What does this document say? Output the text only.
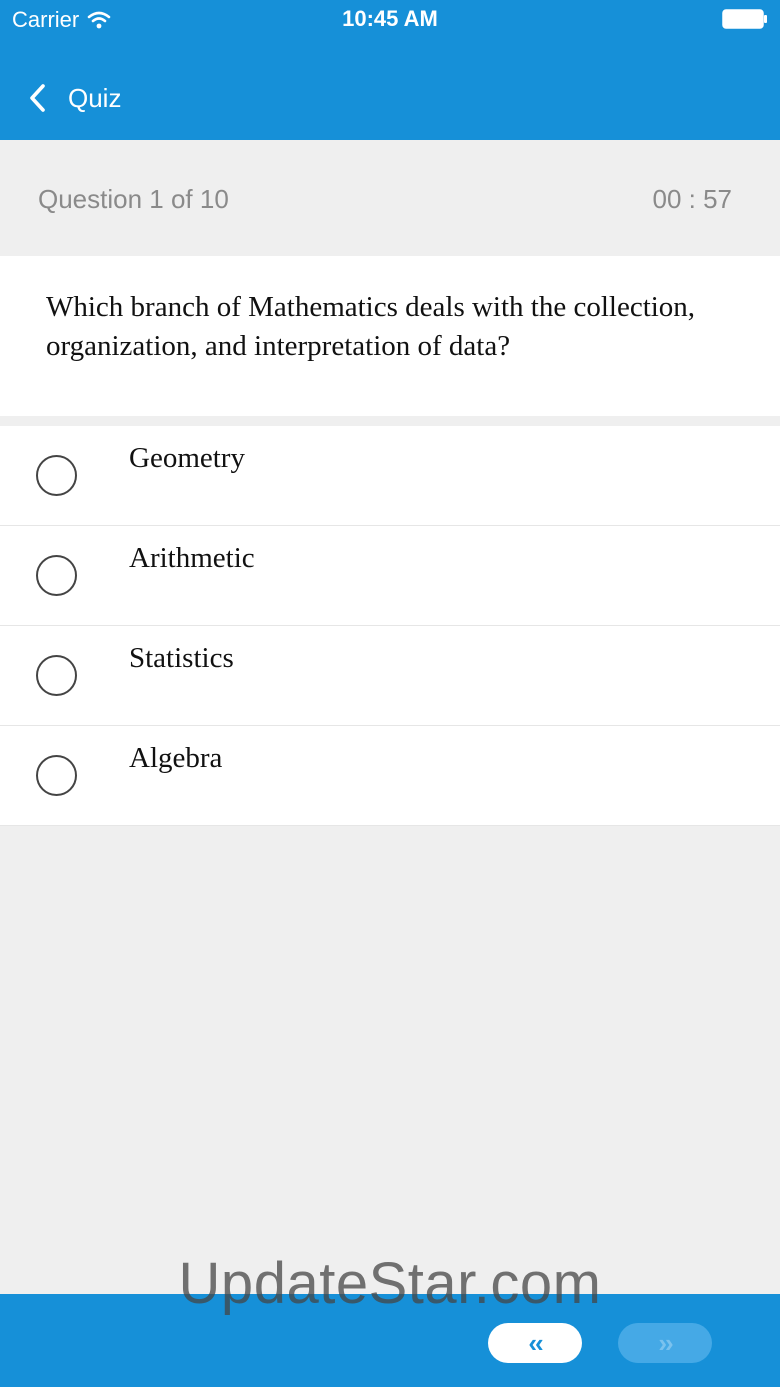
Carrier	10:45 AM
Quiz
Question 1 of 10	00 : 57
Which branch of Mathematics deals with the collection, organization, and interpretation of data?
Geometry
Arithmetic
Statistics
Algebra
UpdateStar.com
‹‹	››
